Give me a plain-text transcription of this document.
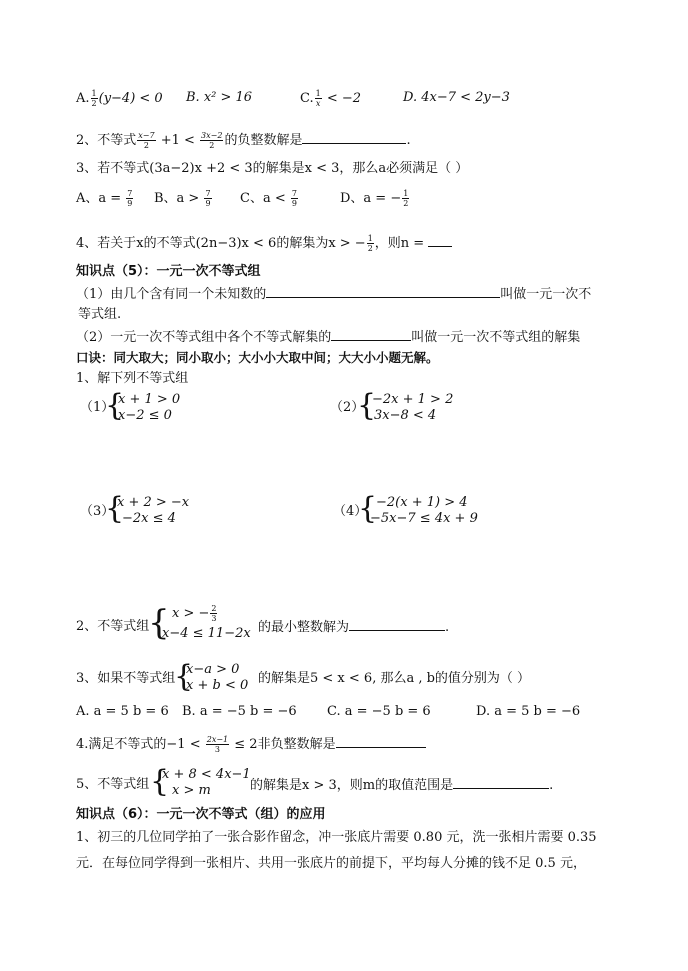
A. $\frac{1}{2} (y-4) < 0$ B. x² > 16	C. $\frac{1}{x} < -2$	D. 4x−7 < 2y−3
2、不等式 $\frac{x-7}{2} +1 < \frac{3x-2}{2}$ 的负整数解是	.
3、若不等式(3a−2)x +2 < 3的解集是x < 3，那么a必须满足（ ）
A、$a = \frac{7}{9}$ B、$a > \frac{7}{9}$ C、$a < \frac{7}{9}$	D、a = − $\frac{1}{2}$
4、若关于x的不等式(2n−3)x < 6的解集为x > − $\frac{1}{2}$ ，则n =
知识点（5）：一元一次不等式组
（1）由几个含有同一个未知数的	叫做一元一次不
等式组.
（2）一元一次不等式组中各个不等式解集的	叫做一元一次不等式组的解集
口诀：同大取大；同小取小；大小小大取中间；大大小小题无解。
1、解下列不等式组
（1）
{
x + 1 > 0
x−2 ≤ 0
（2）
{
−2x + 1 > 2
3x−8 < 4
（3）
{
x + 2 > −x
−2x ≤ 4	（4）
{
−2(x + 1) > 4
−5x−7 ≤ 4x + 9
2、不等式组
{ x > − $\frac{2}{3}$
x−4 ≤ 11−2x 的最小整数解为	.
3、如果不等式组
{
x−a > 0
x + b < 0 的解集是5 < x < 6, 那么a , b的值分别为（ ）
A. a = 5 b = 6 B. a = −5 b = −6 C. a = −5 b = 6	D. a = 5 b = −6
4.满足不等式的$-1 < \frac{2x-1}{3} \le 2$非负整数解是
5、不等式组 {
x + 8 < 4x−1
x > m	的解集是x > 3，则m的取值范围是	.
知识点（6）：一元一次不等式（组）的应用
1、初三的几位同学拍了一张合影作留念，冲一张底片需要 0.80 元，洗一张相片需要 0.35
元．在每位同学得到一张相片、共用一张底片的前提下，平均每人分摊的钱不足 0.5 元，
